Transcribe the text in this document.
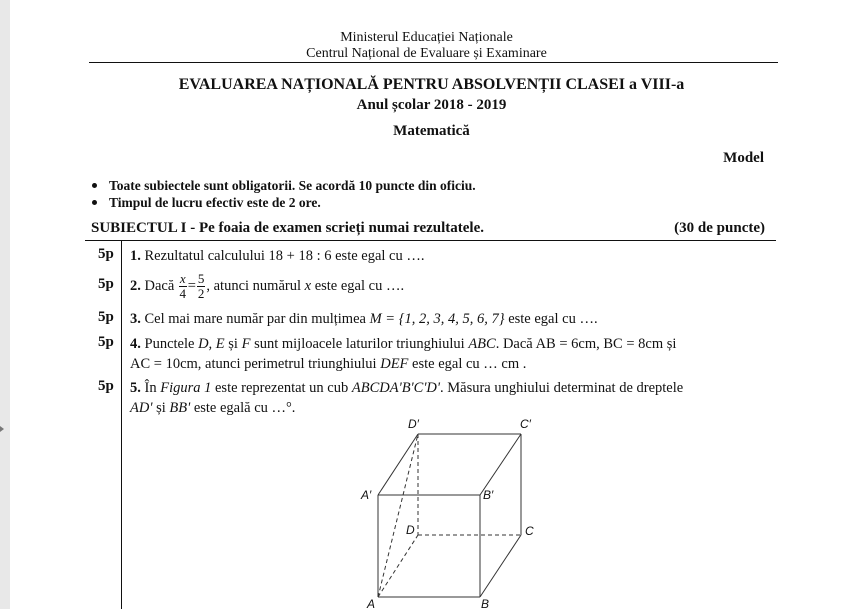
Ministerul Educației Naționale
Centrul Național de Evaluare și Examinare
EVALUAREA NAȚIONALĂ PENTRU ABSOLVENȚII CLASEI a VIII-a
Anul școlar 2018 - 2019
Matematică
Model
Toate subiectele sunt obligatorii. Se acordă 10 puncte din oficiu.
Timpul de lucru efectiv este de 2 ore.
SUBIECTUL I - Pe foaia de examen scrieți numai rezultatele.	(30 de puncte)
5p 1. Rezultatul calculului 18 + 18 : 6 este egal cu ….
5p 2. Dacă $\frac{x}{4} = \frac{5}{2}$ , atunci numărul x este egal cu ….
5p 3. Cel mai mare număr par din mulțimea M = {1, 2, 3, 4, 5, 6, 7} este egal cu ….
5p 4. Punctele D, E și F sunt mijloacele laturilor triunghiului ABC. Dacă AB = 6cm, BC = 8cm și
AC = 10cm, atunci perimetrul triunghiului DEF este egal cu … cm .
5p 5. În Figura 1 este reprezentat un cub ABCDA'B'C'D'. Măsura unghiului determinat de dreptele
AD' și BB' este egală cu …°.
D′	C′
A′	B′
D	C
A	B
